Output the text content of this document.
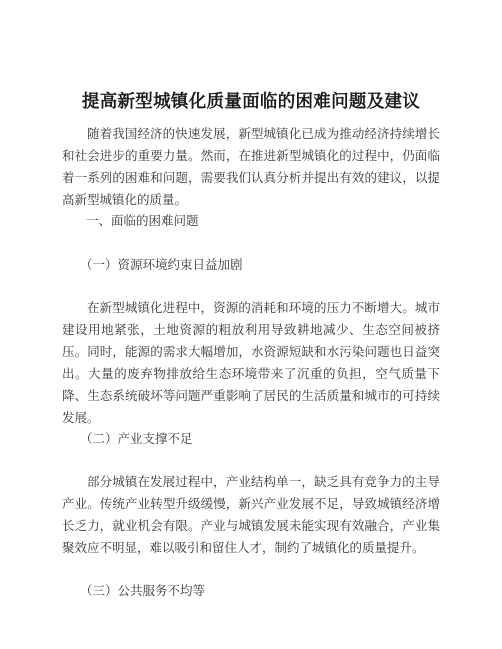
提高新型城镇化质量面临的困难问题及建议

随着我国经济的快速发展，新型城镇化已成为推动经济持续增长和社会进步的重要力量。然而，在推进新型城镇化的过程中，仍面临着一系列的困难和问题，需要我们认真分析并提出有效的建议，以提高新型城镇化的质量。

一、面临的困难问题

（一）资源环境约束日益加剧

在新型城镇化进程中，资源的消耗和环境的压力不断增大。城市建设用地紧张，土地资源的粗放利用导致耕地减少、生态空间被挤压。同时，能源的需求大幅增加，水资源短缺和水污染问题也日益突出。大量的废弃物排放给生态环境带来了沉重的负担，空气质量下降、生态系统破坏等问题严重影响了居民的生活质量和城市的可持续发展。

（二）产业支撑不足

部分城镇在发展过程中，产业结构单一，缺乏具有竞争力的主导产业。传统产业转型升级缓慢，新兴产业发展不足，导致城镇经济增长乏力，就业机会有限。产业与城镇发展未能实现有效融合，产业集聚效应不明显，难以吸引和留住人才，制约了城镇化的质量提升。

（三）公共服务不均等
